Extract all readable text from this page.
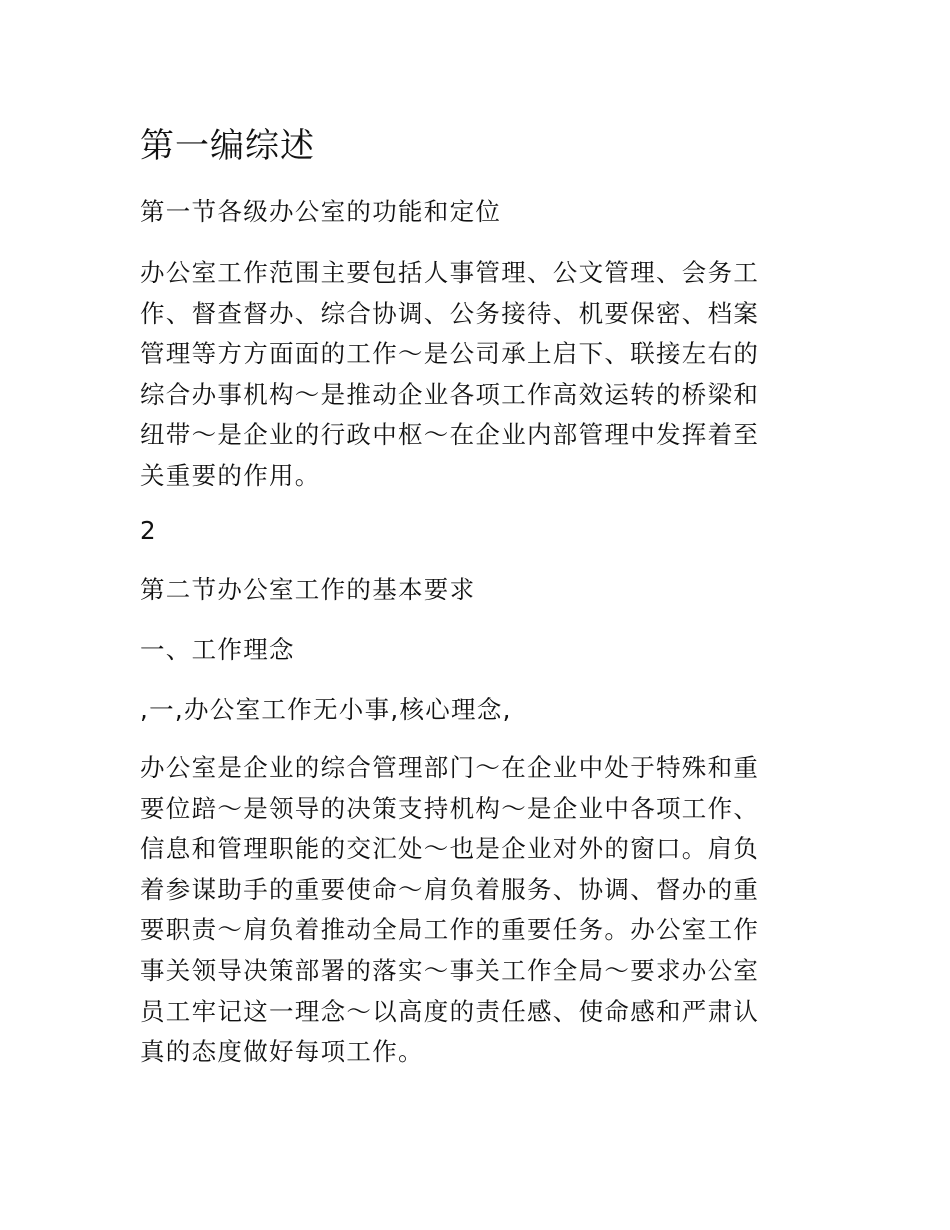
第一编综述

第一节各级办公室的功能和定位

办公室工作范围主要包括人事管理、公文管理、会务工
作、督查督办、综合协调、公务接待、机要保密、档案
管理等方方面面的工作～是公司承上启下、联接左右的
综合办事机构～是推动企业各项工作高效运转的桥梁和
纽带～是企业的行政中枢～在企业内部管理中发挥着至
关重要的作用。

2

第二节办公室工作的基本要求

一、工作理念

,一,办公室工作无小事,核心理念,

办公室是企业的综合管理部门～在企业中处于特殊和重
要位踣～是领导的决策支持机构～是企业中各项工作、
信息和管理职能的交汇处～也是企业对外的窗口。肩负
着参谋助手的重要使命～肩负着服务、协调、督办的重
要职责～肩负着推动全局工作的重要任务。办公室工作
事关领导决策部署的落实～事关工作全局～要求办公室
员工牢记这一理念～以高度的责任感、使命感和严肃认
真的态度做好每项工作。
